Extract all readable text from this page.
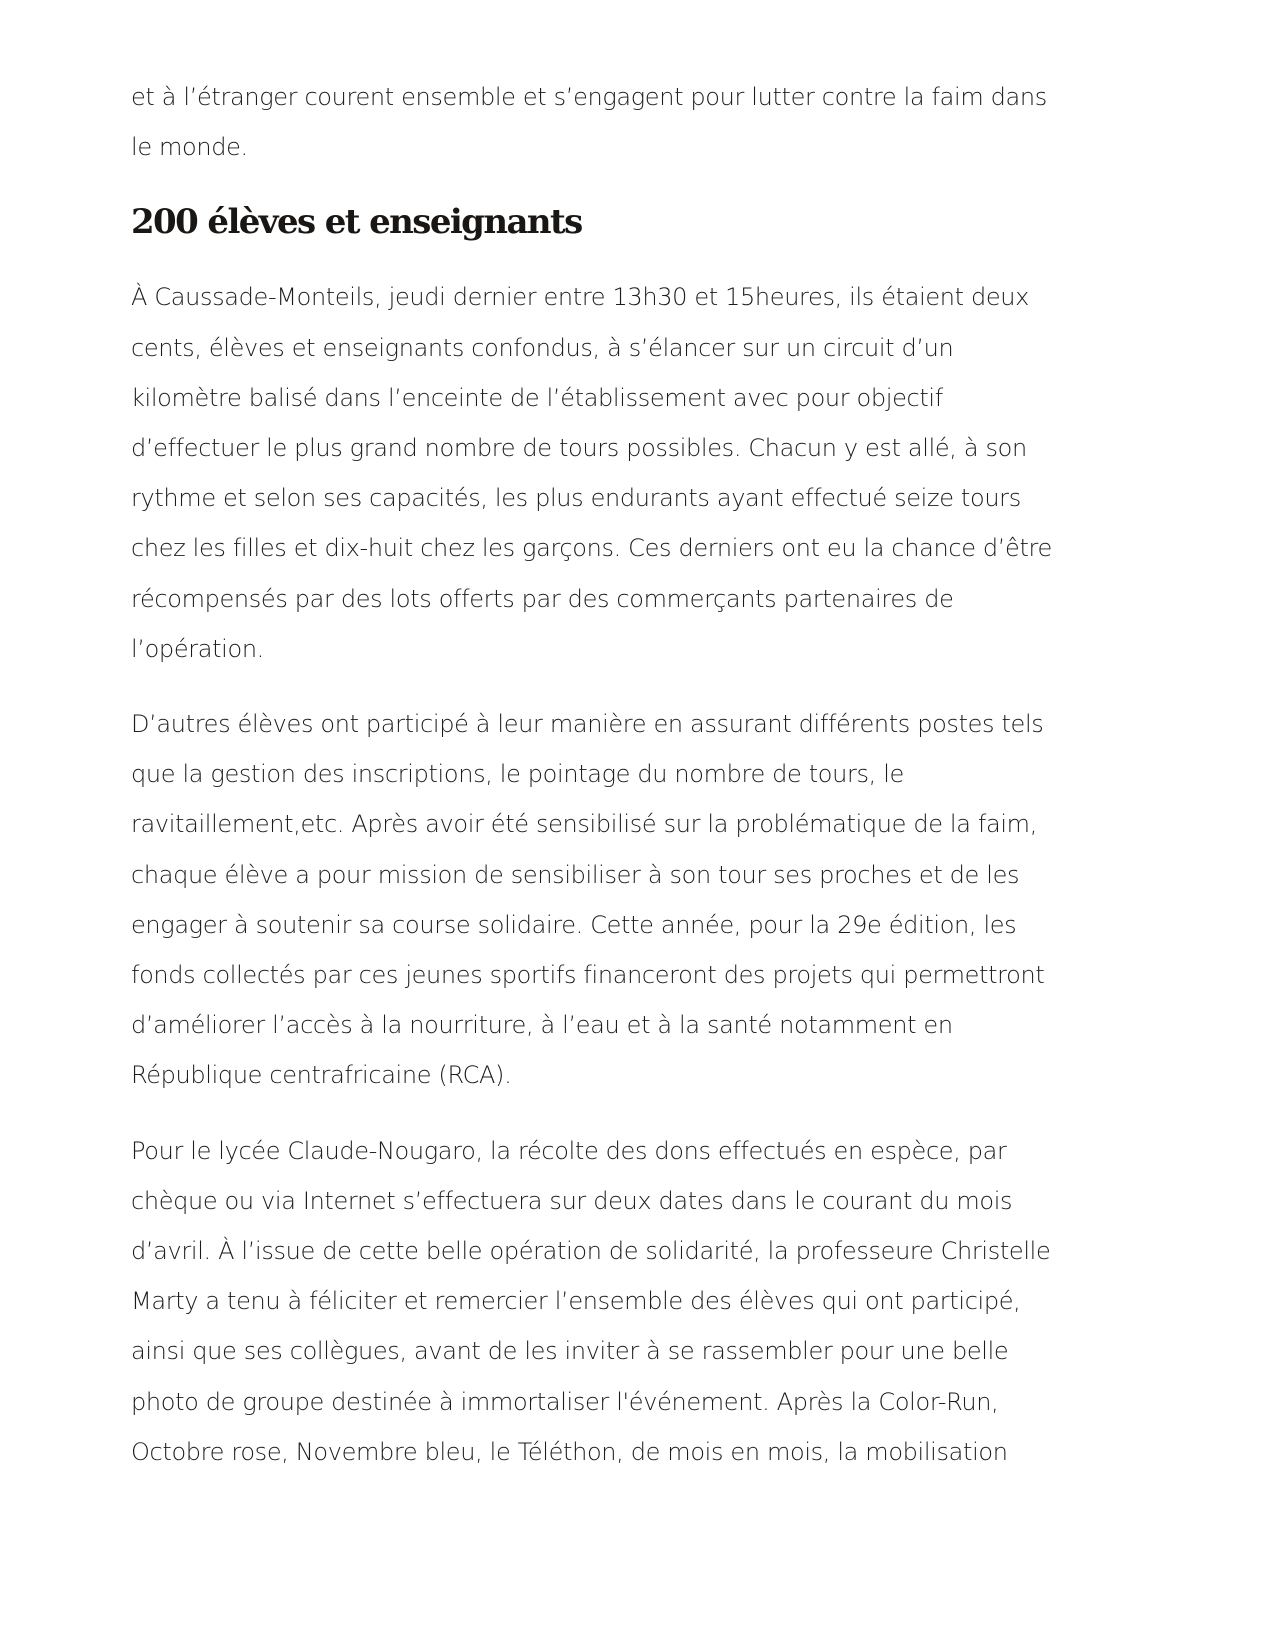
et à l’étranger courent ensemble et s’engagent pour lutter contre la faim dans
le monde.

200 élèves et enseignants

À Caussade-Monteils, jeudi dernier entre 13h30 et 15heures, ils étaient deux
cents, élèves et enseignants confondus, à s’élancer sur un circuit d’un
kilomètre balisé dans l’enceinte de l’établissement avec pour objectif
d’effectuer le plus grand nombre de tours possibles. Chacun y est allé, à son
rythme et selon ses capacités, les plus endurants ayant effectué seize tours
chez les filles et dix-huit chez les garçons. Ces derniers ont eu la chance d’être
récompensés par des lots offerts par des commerçants partenaires de
l’opération.

D’autres élèves ont participé à leur manière en assurant différents postes tels
que la gestion des inscriptions, le pointage du nombre de tours, le
ravitaillement,etc. Après avoir été sensibilisé sur la problématique de la faim,
chaque élève a pour mission de sensibiliser à son tour ses proches et de les
engager à soutenir sa course solidaire. Cette année, pour la 29e édition, les
fonds collectés par ces jeunes sportifs financeront des projets qui permettront
d’améliorer l’accès à la nourriture, à l’eau et à la santé notamment en
République centrafricaine (RCA).

Pour le lycée Claude-Nougaro, la récolte des dons effectués en espèce, par
chèque ou via Internet s’effectuera sur deux dates dans le courant du mois
d’avril. À l’issue de cette belle opération de solidarité, la professeure Christelle
Marty a tenu à féliciter et remercier l’ensemble des élèves qui ont participé,
ainsi que ses collègues, avant de les inviter à se rassembler pour une belle
photo de groupe destinée à immortaliser l'événement. Après la Color-Run,
Octobre rose, Novembre bleu, le Téléthon, de mois en mois, la mobilisation
